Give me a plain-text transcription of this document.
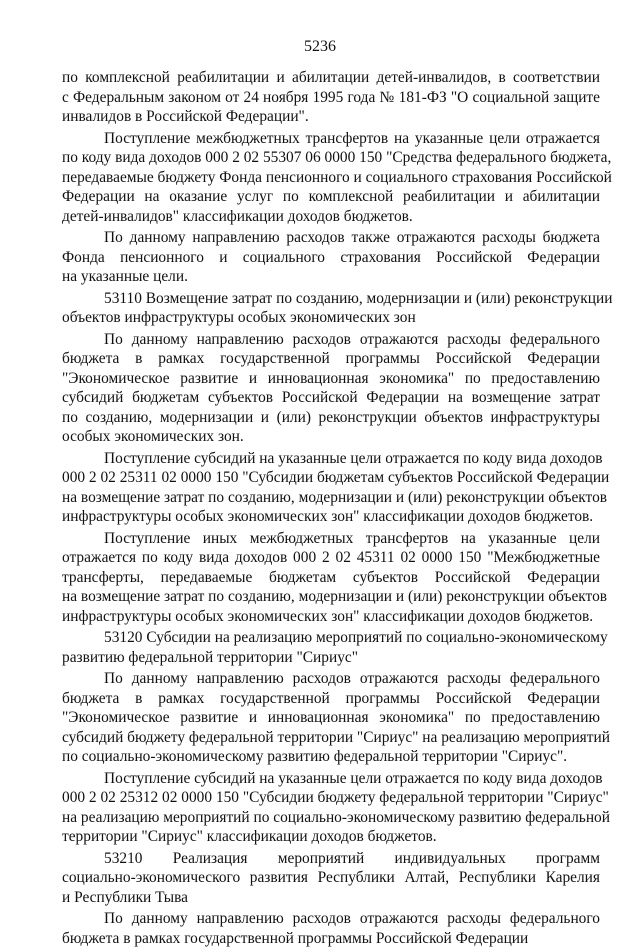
5236
по комплексной реабилитации и абилитации детей-инвалидов, в соответствии
с Федеральным законом от 24 ноября 1995 года № 181-ФЗ "О социальной защите
инвалидов в Российской Федерации".
Поступление межбюджетных трансфертов на указанные цели отражается
по коду вида доходов 000 2 02 55307 06 0000 150 "Средства федерального бюджета,
передаваемые бюджету Фонда пенсионного и социального страхования Российской
Федерации на оказание услуг по комплексной реабилитации и абилитации
детей-инвалидов" классификации доходов бюджетов.
По данному направлению расходов также отражаются расходы бюджета
Фонда пенсионного и социального страхования Российской Федерации
на указанные цели.
53110 Возмещение затрат по созданию, модернизации и (или) реконструкции
объектов инфраструктуры особых экономических зон
По данному направлению расходов отражаются расходы федерального
бюджета в рамках государственной программы Российской Федерации
"Экономическое развитие и инновационная экономика" по предоставлению
субсидий бюджетам субъектов Российской Федерации на возмещение затрат
по созданию, модернизации и (или) реконструкции объектов инфраструктуры
особых экономических зон.
Поступление субсидий на указанные цели отражается по коду вида доходов
000 2 02 25311 02 0000 150 "Субсидии бюджетам субъектов Российской Федерации
на возмещение затрат по созданию, модернизации и (или) реконструкции объектов
инфраструктуры особых экономических зон" классификации доходов бюджетов.
Поступление иных межбюджетных трансфертов на указанные цели
отражается по коду вида доходов 000 2 02 45311 02 0000 150 "Межбюджетные
трансферты, передаваемые бюджетам субъектов Российской Федерации
на возмещение затрат по созданию, модернизации и (или) реконструкции объектов
инфраструктуры особых экономических зон" классификации доходов бюджетов.
53120 Субсидии на реализацию мероприятий по социально-экономическому
развитию федеральной территории "Сириус"
По данному направлению расходов отражаются расходы федерального
бюджета в рамках государственной программы Российской Федерации
"Экономическое развитие и инновационная экономика" по предоставлению
субсидий бюджету федеральной территории "Сириус" на реализацию мероприятий
по социально-экономическому развитию федеральной территории "Сириус".
Поступление субсидий на указанные цели отражается по коду вида доходов
000 2 02 25312 02 0000 150 "Субсидии бюджету федеральной территории "Сириус"
на реализацию мероприятий по социально-экономическому развитию федеральной
территории "Сириус" классификации доходов бюджетов.
53210 Реализация мероприятий индивидуальных программ
социально-экономического развития Республики Алтай, Республики Карелия
и Республики Тыва
По данному направлению расходов отражаются расходы федерального
бюджета в рамках государственной программы Российской Федерации
